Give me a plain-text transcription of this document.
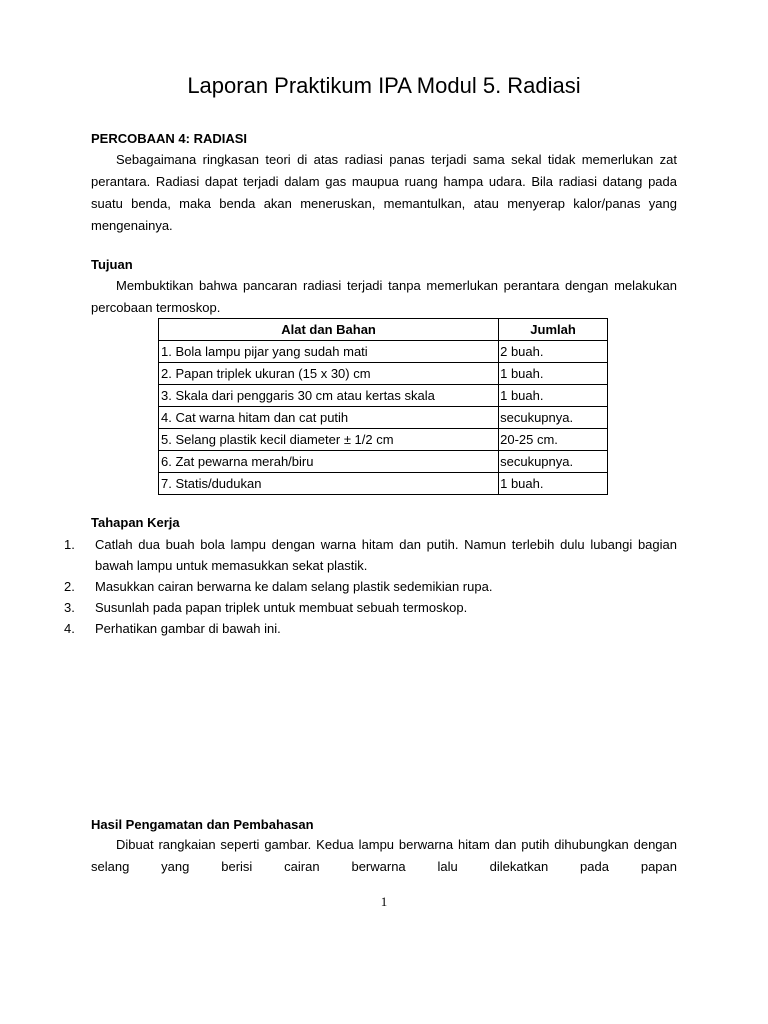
Laporan Praktikum IPA Modul 5. Radiasi

PERCOBAAN 4: RADIASI

Sebagaimana ringkasan teori di atas radiasi panas terjadi sama sekal tidak memerlukan zat perantara. Radiasi dapat terjadi dalam gas maupua ruang hampa udara. Bila radiasi datang pada suatu benda, maka benda akan meneruskan, memantulkan, atau menyerap kalor/panas yang mengenainya.

Tujuan

Membuktikan bahwa pancaran radiasi terjadi tanpa memerlukan perantara dengan melakukan percobaan termoskop.

Alat dan Bahan	Jumlah
1. Bola lampu pijar yang sudah mati	2 buah.
2. Papan triplek ukuran (15 x 30) cm	1 buah.
3. Skala dari penggaris 30 cm atau kertas skala	1 buah.
4. Cat warna hitam dan cat putih	secukupnya.
5. Selang plastik kecil diameter ± 1/2 cm	20-25 cm.
6. Zat pewarna merah/biru	secukupnya.
7. Statis/dudukan	1 buah.

Tahapan Kerja

1. Catlah dua buah bola lampu dengan warna hitam dan putih. Namun terlebih dulu lubangi bagian bawah lampu untuk memasukkan sekat plastik.
2. Masukkan cairan berwarna ke dalam selang plastik sedemikian rupa.
3. Susunlah pada papan triplek untuk membuat sebuah termoskop.
4. Perhatikan gambar di bawah ini.

Hasil Pengamatan dan Pembahasan

Dibuat rangkaian seperti gambar. Kedua lampu berwarna hitam dan putih dihubungkan dengan selang yang berisi cairan berwarna lalu dilekatkan pada papan

1
